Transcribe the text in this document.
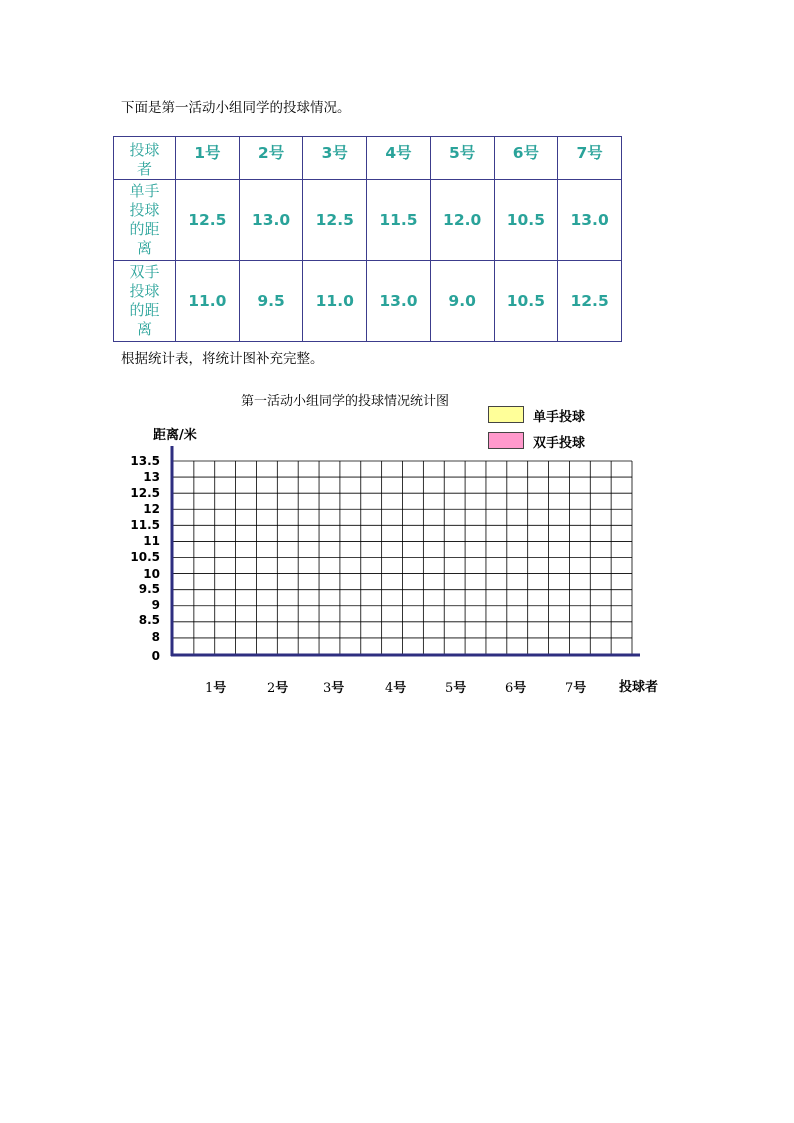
下面是第一活动小组同学的投球情况。
投球者	1号	2号	3号	4号	5号	6号	7号

单手投球的距离	12.5	13.0	12.5	11.5	12.0	10.5	13.0

双手投球的距离	11.0	9.5	11.0	13.0	9.0	10.5	12.5
根据统计表，将统计图补充完整。
第一活动小组同学的投球情况统计图
单手投球
双手投球
距离/米
投球者
13.5
13
12.5
12
11.5
11
10.5
10
9.5
9
8.5
8
0
1号	2号	3号	4号	5号	6号	7号
